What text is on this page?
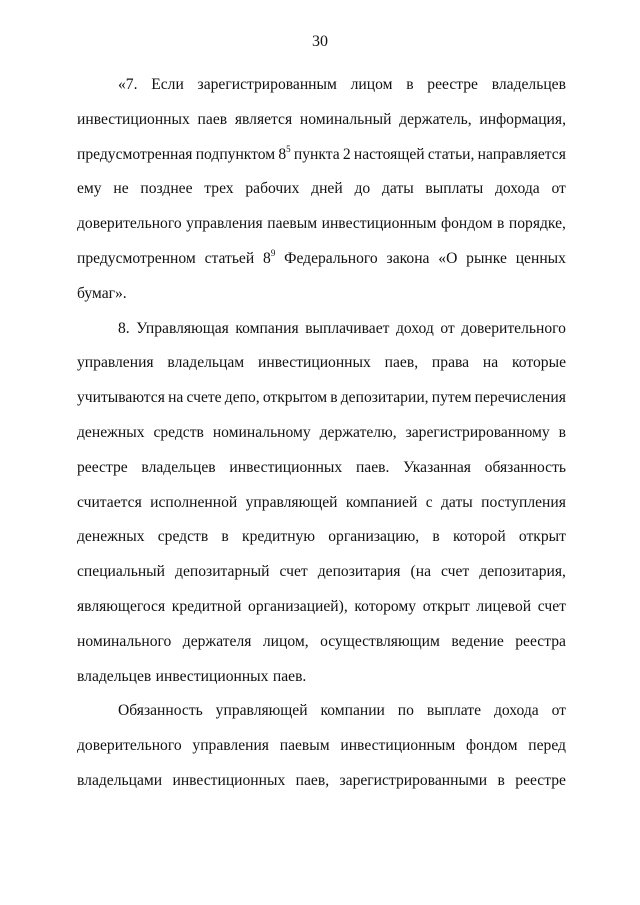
30
«7. Если зарегистрированным лицом в реестре владельцев
инвестиционных паев является номинальный держатель, информация,
предусмотренная подпунктом $8^5$ пункта 2 настоящей статьи, направляется
ему не позднее трех рабочих дней до даты выплаты дохода от
доверительного управления паевым инвестиционным фондом в порядке,
предусмотренном статьей $8^9$ Федерального закона «О рынке ценных
бумаг».
8. Управляющая компания выплачивает доход от доверительного
управления владельцам инвестиционных паев, права на которые
учитываются на счете депо, открытом в депозитарии, путем перечисления
денежных средств номинальному держателю, зарегистрированному в
реестре владельцев инвестиционных паев. Указанная обязанность
считается исполненной управляющей компанией с даты поступления
денежных средств в кредитную организацию, в которой открыт
специальный депозитарный счет депозитария (на счет депозитария,
являющегося кредитной организацией), которому открыт лицевой счет
номинального держателя лицом, осуществляющим ведение реестра
владельцев инвестиционных паев.
Обязанность управляющей компании по выплате дохода от
доверительного управления паевым инвестиционным фондом перед
владельцами инвестиционных паев, зарегистрированными в реестре
